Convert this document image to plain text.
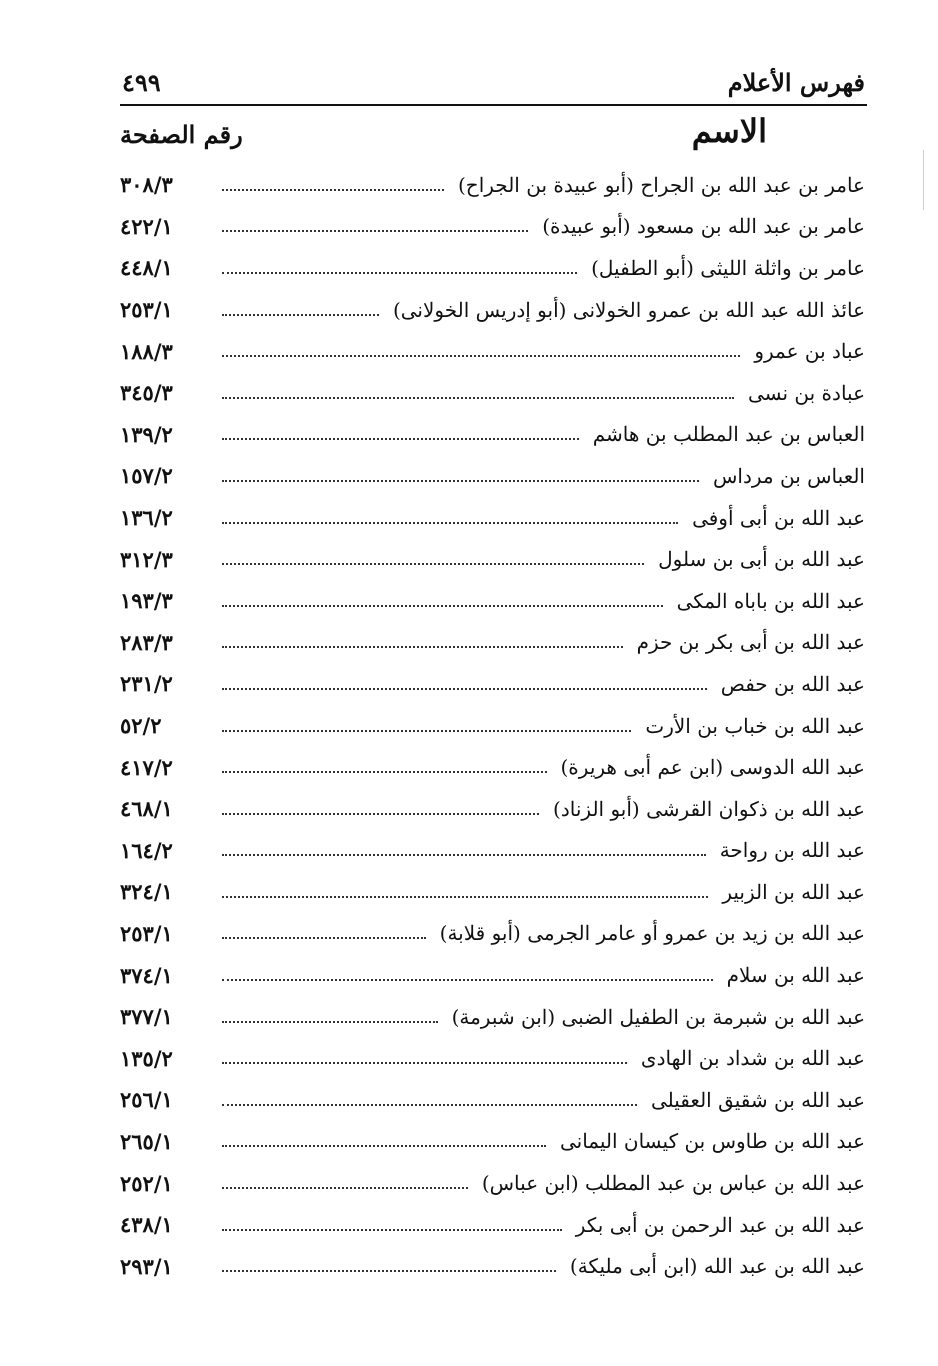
فهرس الأعلام
٤٩٩
الاسم
رقم الصفحة
عامر بن عبد الله بن الجراح (أبو عبيدة بن الجراح)
٣٠٨/٣
عامر بن عبد الله بن مسعود (أبو عبيدة)
٤٢٢/١
عامر بن واثلة الليثى (أبو الطفيل)
٤٤٨/١
عائذ الله عبد الله بن عمرو الخولانى (أبو إدريس الخولانى)
٢٥٣/١
عباد بن عمرو
١٨٨/٣
عبادة بن نسى
٣٤٥/٣
العباس بن عبد المطلب بن هاشم
١٣٩/٢
العباس بن مرداس
١٥٧/٢
عبد الله بن أبى أوفى
١٣٦/٢
عبد الله بن أبى بن سلول
٣١٢/٣
عبد الله بن باباه المكى
١٩٣/٣
عبد الله بن أبى بكر بن حزم
٢٨٣/٣
عبد الله بن حفص
٢٣١/٢
عبد الله بن خباب بن الأرت
٥٢/٢
عبد الله الدوسى (ابن عم أبى هريرة)
٤١٧/٢
عبد الله بن ذكوان القرشى (أبو الزناد)
٤٦٨/١
عبد الله بن رواحة
١٦٤/٢
عبد الله بن الزبير
٣٢٤/١
عبد الله بن زيد بن عمرو أو عامر الجرمى (أبو قلابة)
٢٥٣/١
عبد الله بن سلام
٣٧٤/١
عبد الله بن شبرمة بن الطفيل الضبى (ابن شبرمة)
٣٧٧/١
عبد الله بن شداد بن الهادى
١٣٥/٢
عبد الله بن شقيق العقيلى
٢٥٦/١
عبد الله بن طاوس بن كيسان اليمانى
٢٦٥/١
عبد الله بن عباس بن عبد المطلب (ابن عباس)
٢٥٢/١
عبد الله بن عبد الرحمن بن أبى بكر
٤٣٨/١
عبد الله بن عبد الله (ابن أبى مليكة)
٢٩٣/١
